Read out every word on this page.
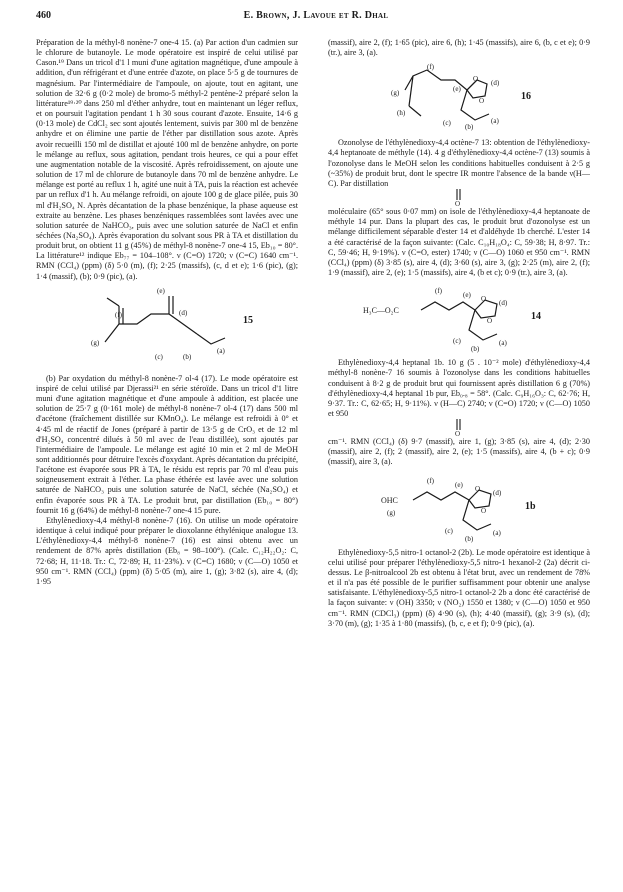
460	E. Brown, J. Lavoue et R. Dhal

Préparation de la méthyl-8 nonène-7 one-4 15. (a) Par action d'un cadmien sur le chlorure de butanoyle. Le mode opératoire est inspiré de celui utilisé par Cason.¹⁹ Dans un tricol d'1 l muni d'une agitation magnétique, d'une ampoule à addition, d'un réfrigérant et d'une entrée d'azote, on place 5·5 g de tournures de magnésium. Par l'intermédiaire de l'ampoule, on ajoute, tout en agitant, une solution de 32·6 g (0·2 mole) de bromo-5 méthyl-2 pentène-2 préparé selon la littérature¹⁹·²⁰ dans 250 ml d'éther anhydre, tout en maintenant un léger reflux, et on poursuit l'agitation pendant 1 h 30 sous courant d'azote. Ensuite, 14·6 g (0·13 mole) de CdCl₂ sec sont ajoutés lentement, suivis par 300 ml de benzène anhydre et on élimine une partie de l'éther par distillation sous azote. Après avoir recueilli 150 ml de distillat et ajouté 100 ml de benzène anhydre, on porte le mélange au reflux, sous agitation, pendant trois heures, ce qui a pour effet une augmentation notable de la viscosité. Après refroidissement, on ajoute une solution de 17 ml de chlorure de butanoyle dans 70 ml de benzène anhydre. Le mélange est porté au reflux 1 h, agité une nuit à TA, puis la réaction est achevée par un reflux d'1 h. Au mélange refroidi, on ajoute 100 g de glace pilée, puis 30 ml d'H₂SO₄ N. Après décantation de la phase benzénique, la phase aqueuse est extraite au benzène. Les phases benzéniques rassemblées sont lavées avec une solution saturée de NaHCO₃, puis avec une solution saturée de NaCl et enfin séchées (Na₂SO₄). Après évaporation du solvant sous PR à TA et distillation du produit brut, on obtient 11 g (45%) de méthyl-8 nonène-7 one-4 15, Eb₁₀ = 80°. La littérature¹² indique Eb₇₇ = 104–108°. ν (C=O) 1720; ν (C=C) 1640 cm⁻¹. RMN (CCl₄) (ppm) (δ) 5·0 (m), (f); 2·25 (massifs), (c, d et e); 1·6 (pic), (g); 1·4 (massif), (b); 0·9 (pic), (a).

(f)
(e)
(d)
(g)
(c)	(b)
(a)
15

(b) Par oxydation du méthyl-8 nonène-7 ol-4 (17). Le mode opératoire est inspiré de celui utilisé par Djerassi²¹ en série stéroïde. Dans un tricol d'1 litre muni d'une agitation magnétique et d'une ampoule à addition, est placée une solution de 25·7 g (0·161 mole) de méthyl-8 nonène-7 ol-4 (17) dans 500 ml d'acétone (fraîchement distillée sur KMnO₄). Le mélange est refroidi à 0° et 4·45 ml de réactif de Jones (préparé à partir de 13·5 g de CrO₃ et de 12 ml d'H₂SO₄ concentré dilués à 50 ml avec de l'eau distillée), sont ajoutés par l'intermédiaire de l'ampoule. Le mélange est agité 10 min et 2 ml de MeOH sont additionnés pour détruire l'excès d'oxydant. Après décantation du précipité, l'acétone est évaporée sous PR à TA, le résidu est repris par 70 ml d'eau puis soigneusement extrait à l'éther. La phase éthérée est lavée avec une solution saturée de NaHCO₃ puis une solution saturée de NaCl, séchée (Na₂SO₄) et enfin évaporée sous PR à TA. Le produit brut, par distillation (Eb₁₀ = 80°) fournit 16 g (64%) de méthyl-8 nonène-7 one-4 15 pure.

Ethylènedioxy-4,4 méthyl-8 nonène-7 (16). On utilise un mode opératoire identique à celui indiqué pour préparer le dioxolanne éthylénique analogue 13. L'éthylènedioxy-4,4 méthyl-8 nonène-7 (16) est ainsi obtenu avec un rendement de 87% après distillation (Eb₈ = 98–100°). (Calc. C₁₂H₂₂O₂: C, 72·68; H, 11·18. Tr.: C, 72·89; H, 11·23%). ν (C=C) 1680; ν (C—O) 1050 et 950 cm⁻¹. RMN (CCl₄) (ppm) (δ) 5·05 (m), aire 1, (g); 3·82 (s), aire 4, (d); 1·95

(massif), aire 2, (f); 1·65 (pic), aire 6, (h); 1·45 (massifs), aire 6, (b, c et e); 0·9 (tr.), aire 3, (a).

O
O
(g)
(f)
(e)
(d)
(h)
(c) (b)
(a)
16

Ozonolyse de l'éthylènedioxy-4,4 octène-7 13: obtention de l'éthylènedioxy-4,4 heptanoate de méthyle (14). 4 g d'éthylènedioxy-4,4 octène-7 (13) soumis à l'ozonolyse dans le MeOH selon les conditions habituelles conduisent à 2·5 g (~35%) de produit brut, dont le spectre IR montre l'absence de la bande ν(H—C). Par distillation

O

moléculaire (65° sous 0·07 mm) on isole de l'éthylènedioxy-4,4 heptanoate de méthyle 14 pur. Dans la plupart des cas, le produit brut d'ozonolyse est un mélange difficilement séparable d'ester 14 et d'aldéhyde 1b cherché. L'ester 14 a été caractérisé de la façon suivante: (Calc. C₁₀H₁₈O₄: C, 59·38; H, 8·97. Tr.: C, 59·46; H, 9·19%). ν (C=O, ester) 1740; ν (C—O) 1060 et 950 cm⁻¹. RMN (CCl₄) (ppm) (δ) 3·85 (s), aire 4, (d); 3·60 (s), aire 3, (g); 2·25 (m), aire 2, (f); 1·9 (massif), aire 2, (e); 1·5 (massifs), aire 4, (b et c); 0·9 (tr.), aire 3, (a).

H₃C—O₂C
O
O
(f)	(e)
(d)
(c)
(b)
(a)
14

Ethylènedioxy-4,4 heptanal 1b. 10 g (5 . 10⁻² mole) d'éthylènedioxy-4,4 méthyl-8 nonène-7 16 soumis à l'ozonolyse dans les conditions habituelles conduisent à 8·2 g de produit brut qui fournissent après distillation 6 g (70%) d'éthylènedioxy-4,4 heptanal 1b pur, Eb₀.₈ = 58°. (Calc. C₉H₁₆O₃: C, 62·76; H, 9·37. Tr.: C, 62·65; H, 9·11%). ν (H—C) 2740; ν (C=O) 1720; ν (C—O) 1050 et 950

O

cm⁻¹. RMN (CCl₄) (δ) 9·7 (massif), aire 1, (g); 3·85 (s), aire 4, (d); 2·30 (massif), aire 2, (f); 2 (massif), aire 2, (e); 1·5 (massifs), aire 4, (b + c); 0·9 (massif), aire 3, (a).

OHC
(g)
O
O
(f)	(e)
(d)
(c)
(b)
(a)
1b

Ethylènedioxy-5,5 nitro-1 octanol-2 (2b). Le mode opératoire est identique à celui utilisé pour préparer l'éthylènedioxy-5,5 nitro-1 hexanol-2 (2a) décrit ci-dessus. Le β-nitroalcool 2b est obtenu à l'état brut, avec un rendement de 78% et il n'a pas été possible de le purifier suffisamment pour obtenir une analyse satisfaisante. L'éthylènedioxy-5,5 nitro-1 octanol-2 2b a donc été caractérisé de la façon suivante: ν (OH) 3350; ν (NO₂) 1550 et 1380; ν (C—O) 1050 et 950 cm⁻¹. RMN (CDCl₃) (ppm) (δ) 4·90 (s), (h); 4·40 (massif), (g); 3·9 (s), (d); 3·70 (m), (g); 1·35 à 1·80 (massifs), (b, c, e et f); 0·9 (pic), (a).
